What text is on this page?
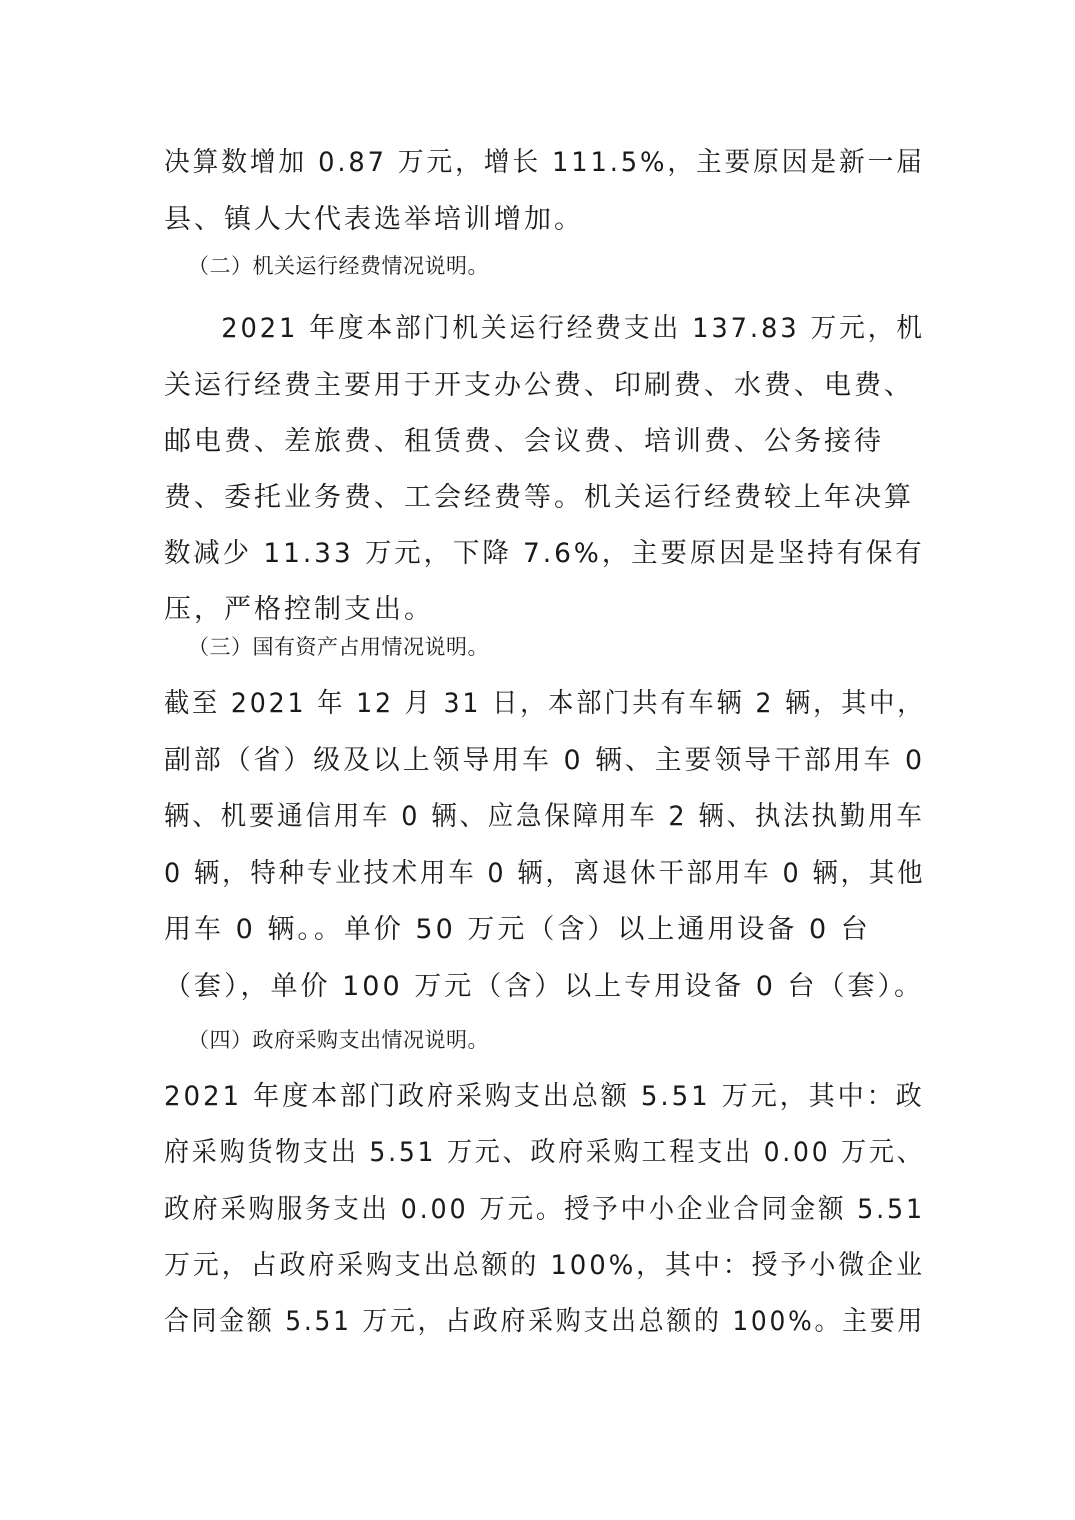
决算数增加 0.87 万元，增长 111.5%，主要原因是新一届
县、镇人大代表选举培训增加。
（二）机关运行经费情况说明。
　　2021 年度本部门机关运行经费支出 137.83 万元，机
关运行经费主要用于开支办公费、印刷费、水费、电费、
邮电费、差旅费、租赁费、会议费、培训费、公务接待
费、委托业务费、工会经费等。机关运行经费较上年决算
数减少 11.33 万元，下降 7.6%，主要原因是坚持有保有
压，严格控制支出。
（三）国有资产占用情况说明。
截至 2021 年 12 月 31 日，本部门共有车辆 2 辆，其中，
副部（省）级及以上领导用车 0 辆、主要领导干部用车 0
辆、机要通信用车 0 辆、应急保障用车 2 辆、执法执勤用车
0 辆，特种专业技术用车 0 辆，离退休干部用车 0 辆，其他
用车 0 辆。。单价 50 万元（含）以上通用设备 0 台
（套），单价 100 万元（含）以上专用设备 0 台（套）。
（四）政府采购支出情况说明。
2021 年度本部门政府采购支出总额 5.51 万元，其中：政
府采购货物支出 5.51 万元、政府采购工程支出 0.00 万元、
政府采购服务支出 0.00 万元。授予中小企业合同金额 5.51
万元，占政府采购支出总额的 100%，其中：授予小微企业
合同金额 5.51 万元，占政府采购支出总额的 100%。主要用
